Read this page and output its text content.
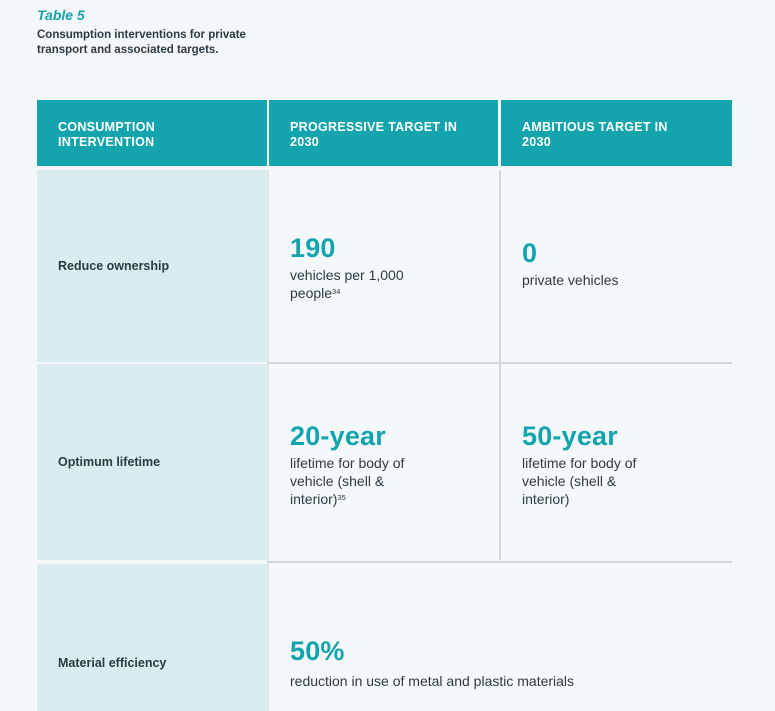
Table 5
Consumption interventions for private transport and associated targets.
CONSUMPTION INTERVENTION
PROGRESSIVE TARGET IN 2030
AMBITIOUS TARGET IN 2030
Reduce ownership
190
vehicles per 1,000 people$^{34}$
0
private vehicles
Optimum lifetime
20-year
lifetime for body of vehicle (shell & interior)$^{35}$
50-year
lifetime for body of vehicle (shell & interior)
Material efficiency	50%
reduction in use of metal and plastic materials
